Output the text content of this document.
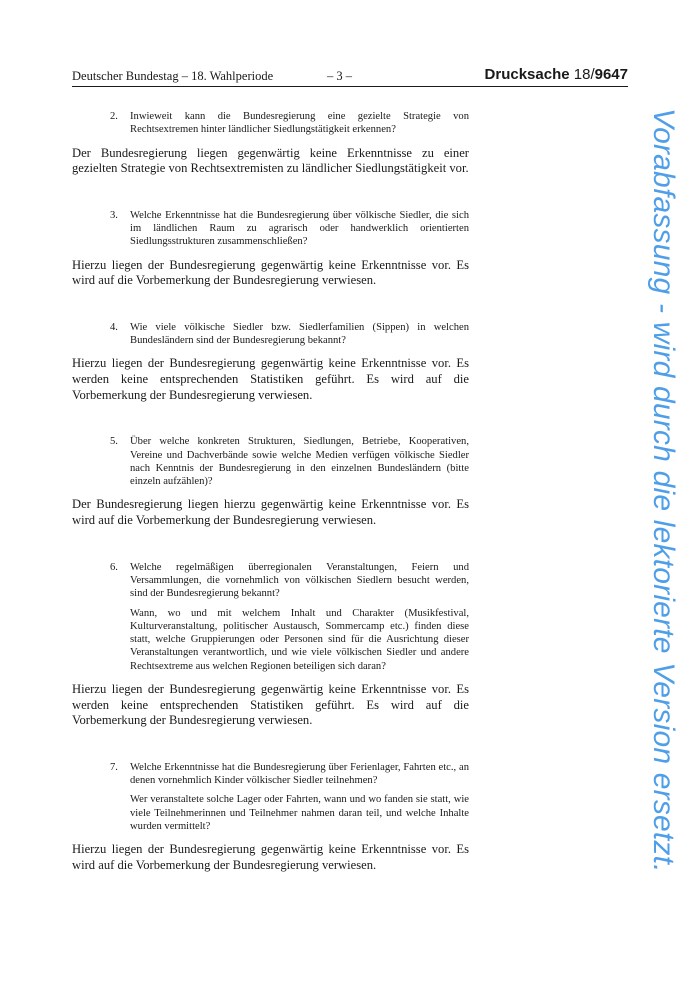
Deutscher Bundestag – 18. Wahlperiode	– 3 –	Drucksache 18/9647
2. Inwieweit kann die Bundesregierung eine gezielte Strategie von Rechtsextremen hinter ländlicher Siedlungstätigkeit erkennen?

Der Bundesregierung liegen gegenwärtig keine Erkenntnisse zu einer gezielten Strategie von Rechtsextremisten zu ländlicher Siedlungstätigkeit vor.

3. Welche Erkenntnisse hat die Bundesregierung über völkische Siedler, die sich im ländlichen Raum zu agrarisch oder handwerklich orientierten Siedlungsstrukturen zusammenschließen?

Hierzu liegen der Bundesregierung gegenwärtig keine Erkenntnisse vor. Es wird auf die Vorbemerkung der Bundesregierung verwiesen.

4. Wie viele völkische Siedler bzw. Siedlerfamilien (Sippen) in welchen Bundesländern sind der Bundesregierung bekannt?

Hierzu liegen der Bundesregierung gegenwärtig keine Erkenntnisse vor. Es werden keine entsprechenden Statistiken geführt. Es wird auf die Vorbemerkung der Bundesregierung verwiesen.

5. Über welche konkreten Strukturen, Siedlungen, Betriebe, Kooperativen, Vereine und Dachverbände sowie welche Medien verfügen völkische Siedler nach Kenntnis der Bundesregierung in den einzelnen Bundesländern (bitte einzeln aufzählen)?

Der Bundesregierung liegen hierzu gegenwärtig keine Erkenntnisse vor. Es wird auf die Vorbemerkung der Bundesregierung verwiesen.

6. Welche regelmäßigen überregionalen Veranstaltungen, Feiern und Versammlungen, die vornehmlich von völkischen Siedlern besucht werden, sind der Bundesregierung bekannt?

Wann, wo und mit welchem Inhalt und Charakter (Musikfestival, Kulturveranstaltung, politischer Austausch, Sommercamp etc.) finden diese statt, welche Gruppierungen oder Personen sind für die Ausrichtung dieser Veranstaltungen verantwortlich, und wie viele völkischen Siedler und andere Rechtsextreme aus welchen Regionen beteiligen sich daran?

Hierzu liegen der Bundesregierung gegenwärtig keine Erkenntnisse vor. Es werden keine entsprechenden Statistiken geführt. Es wird auf die Vorbemerkung der Bundesregierung verwiesen.

7. Welche Erkenntnisse hat die Bundesregierung über Ferienlager, Fahrten etc., an denen vornehmlich Kinder völkischer Siedler teilnehmen?

Wer veranstaltete solche Lager oder Fahrten, wann und wo fanden sie statt, wie viele Teilnehmerinnen und Teilnehmer nahmen daran teil, und welche Inhalte wurden vermittelt?

Hierzu liegen der Bundesregierung gegenwärtig keine Erkenntnisse vor. Es wird auf die Vorbemerkung der Bundesregierung verwiesen.	Vorabfassung - wird durch die lektorierte Version ersetzt.
